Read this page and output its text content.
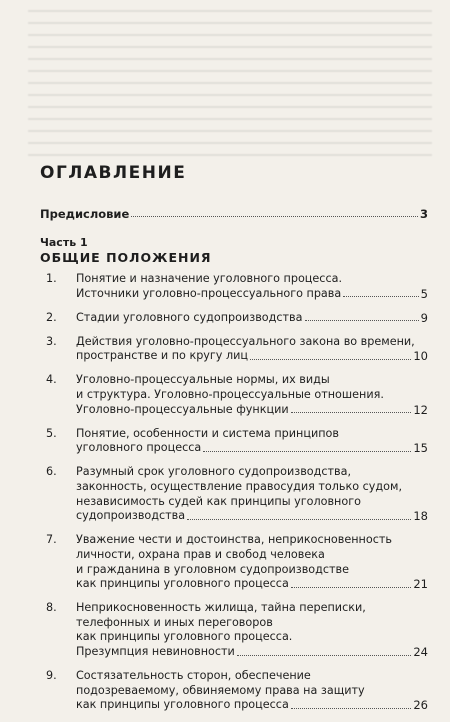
ОГЛАВЛЕНИЕ
Предисловие	3
Часть 1
ОБЩИЕ ПОЛОЖЕНИЯ
1.	Понятие и назначение уголовного процесса.
Источники уголовно-процессуального права	5
2.	Стадии уголовного судопроизводства	9
3.	Действия уголовно-процессуального закона во времени,
пространстве и по кругу лиц	10
4.	Уголовно-процессуальные нормы, их виды
и структура. Уголовно-процессуальные отношения.
Уголовно-процессуальные функции	12
5.	Понятие, особенности и система принципов
уголовного процесса	15
6.	Разумный срок уголовного судопроизводства,
законность, осуществление правосудия только судом,
независимость судей как принципы уголовного
судопроизводства	18
7.	Уважение чести и достоинства, неприкосновенность
личности, охрана прав и свобод человека
и гражданина в уголовном судопроизводстве
как принципы уголовного процесса	21
8.	Неприкосновенность жилища, тайна переписки,
телефонных и иных переговоров
как принципы уголовного процесса.
Презумпция невиновности	24
9.	Состязательность сторон, обеспечение
подозреваемому, обвиняемому права на защиту
как принципы уголовного процесса	26
